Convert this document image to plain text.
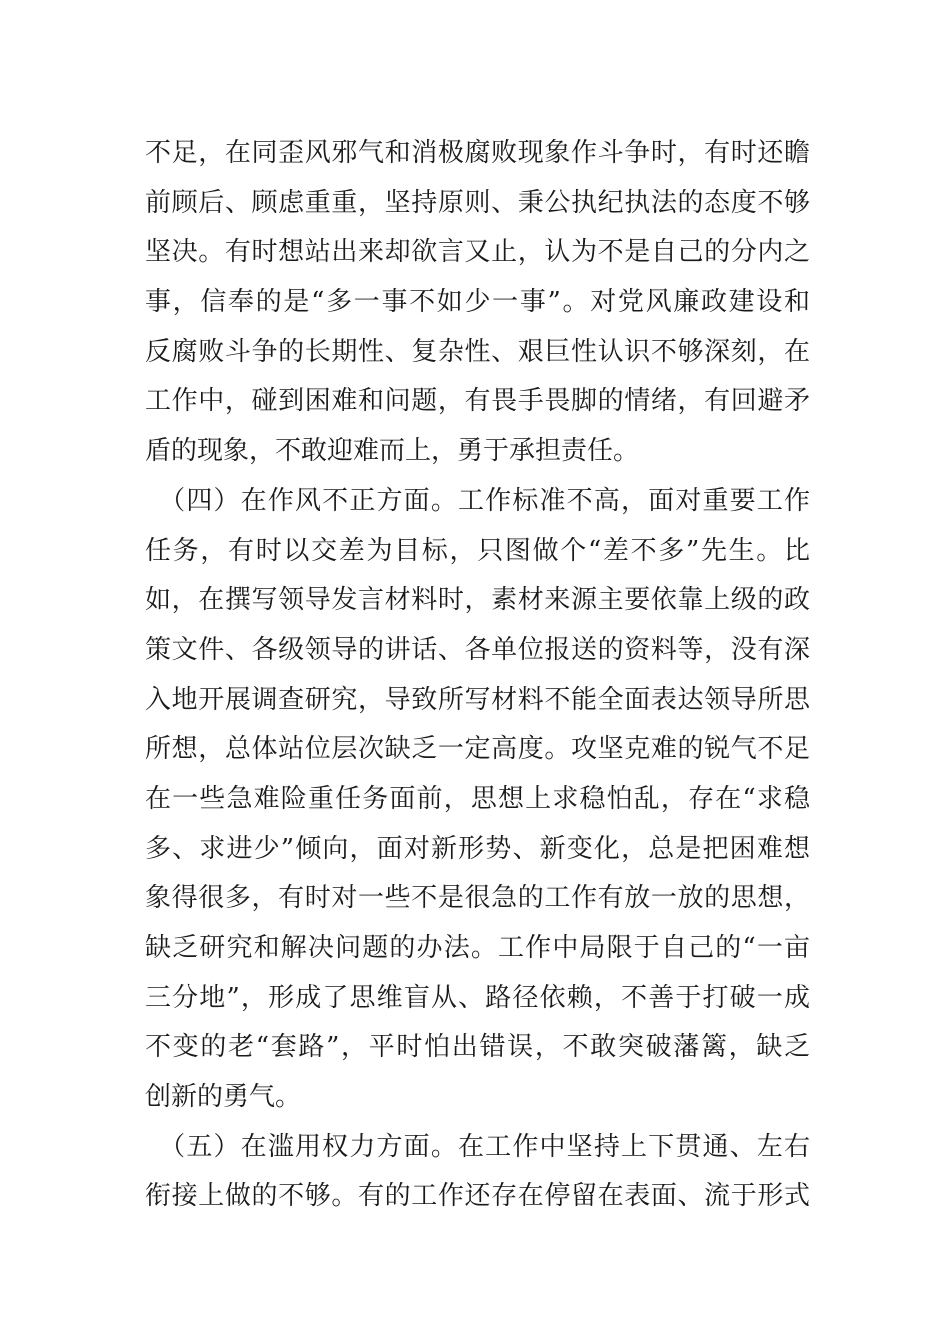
不足，在同歪风邪气和消极腐败现象作斗争时，有时还瞻
前顾后、顾虑重重，坚持原则、秉公执纪执法的态度不够
坚决。有时想站出来却欲言又止，认为不是自己的分内之
事，信奉的是“多一事不如少一事”。对党风廉政建设和
反腐败斗争的长期性、复杂性、艰巨性认识不够深刻，在
工作中，碰到困难和问题，有畏手畏脚的情绪，有回避矛
盾的现象，不敢迎难而上，勇于承担责任。
　（四）在作风不正方面。工作标准不高，面对重要工作
任务，有时以交差为目标，只图做个“差不多”先生。比
如，在撰写领导发言材料时，素材来源主要依靠上级的政
策文件、各级领导的讲话、各单位报送的资料等，没有深
入地开展调查研究，导致所写材料不能全面表达领导所思
所想，总体站位层次缺乏一定高度。攻坚克难的锐气不足
在一些急难险重任务面前，思想上求稳怕乱，存在“求稳
多、求进少”倾向，面对新形势、新变化，总是把困难想
象得很多，有时对一些不是很急的工作有放一放的思想，
缺乏研究和解决问题的办法。工作中局限于自己的“一亩
三分地”，形成了思维盲从、路径依赖，不善于打破一成
不变的老“套路”，平时怕出错误，不敢突破藩篱，缺乏
创新的勇气。
　（五）在滥用权力方面。在工作中坚持上下贯通、左右
衔接上做的不够。有的工作还存在停留在表面、流于形式
